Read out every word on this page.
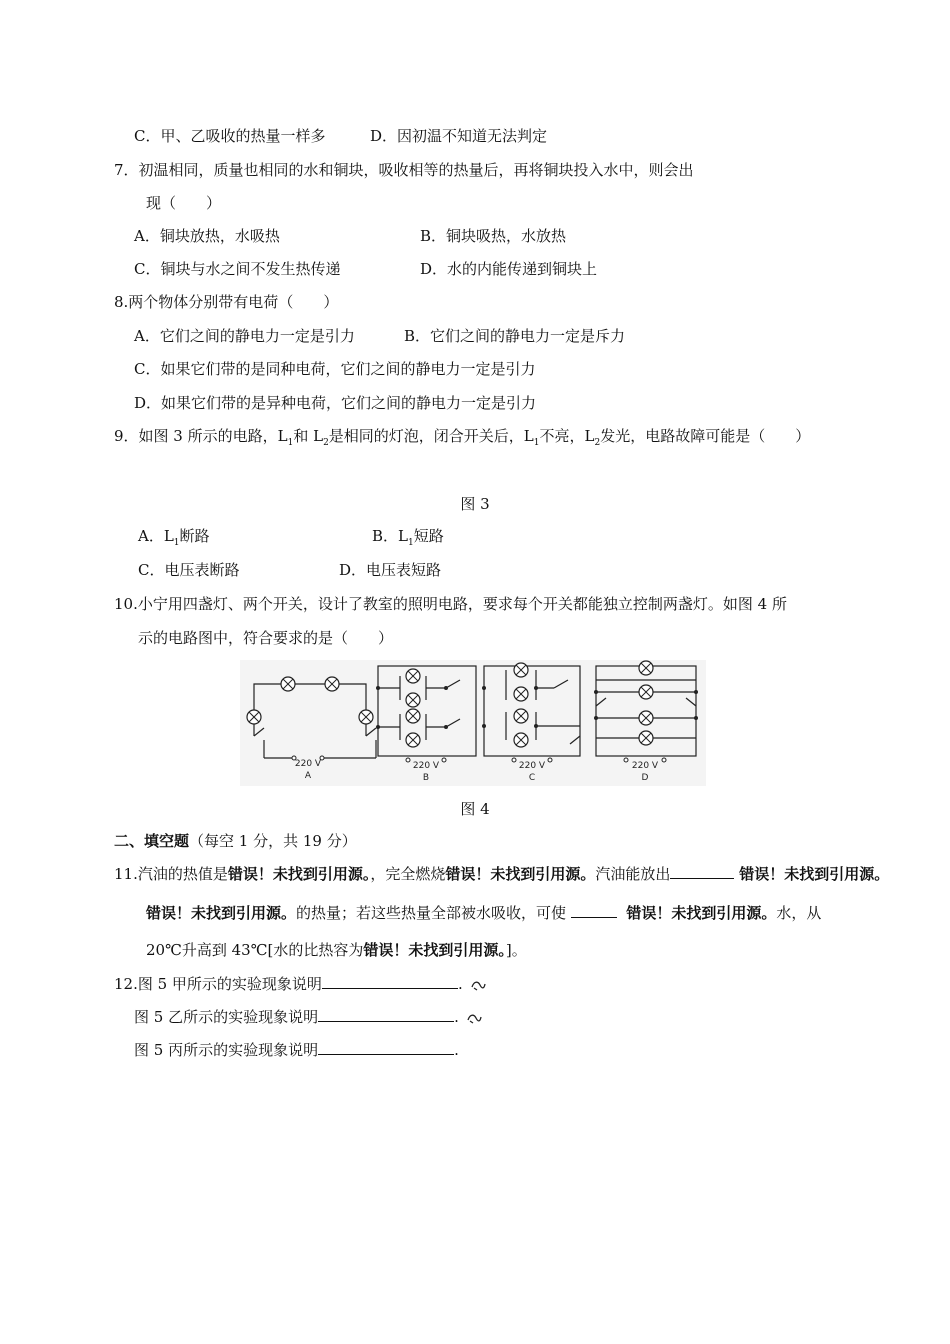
C．甲、乙吸收的热量一样多	D．因初温不知道无法判定
7．初温相同，质量也相同的水和铜块，吸收相等的热量后，再将铜块投入水中，则会出
现（　　）
A．铜块放热，水吸热	B．铜块吸热，水放热
C．铜块与水之间不发生热传递	D．水的内能传递到铜块上
8.两个物体分别带有电荷（　　）
A．它们之间的静电力一定是引力	B．它们之间的静电力一定是斥力
C．如果它们带的是同种电荷，它们之间的静电力一定是引力
D．如果它们带的是异种电荷，它们之间的静电力一定是引力
9．如图 3 所示的电路，$L_1$和 $L_2$是相同的灯泡，闭合开关后，$L_1$不亮，$L_2$发光，电路故障可能是（　　）
图 3
A．$L_1$断路	B．$L_1$短路
C．电压表断路	D．电压表短路
10.小宁用四盏灯、两个开关，设计了教室的照明电路，要求每个开关都能独立控制两盏灯。如图 4 所
示的电路图中，符合要求的是（　　）
220 V
A
220 V
B
220 V
C
220 V
D
图 4
二、填空题（每空 1 分，共 19 分）
11.汽油的热值是错误！未找到引用源。，完全燃烧错误！未找到引用源。汽油能放出	错误！未找到引用源。
错误！未找到引用源。的热量；若这些热量全部被水吸收，可使	错误！未找到引用源。水，从
20℃升高到 43℃[水的比热容为错误！未找到引用源。]。
12.图 5 甲所示的实验现象说明	.
图 5 乙所示的实验现象说明	.
图 5 丙所示的实验现象说明	.
